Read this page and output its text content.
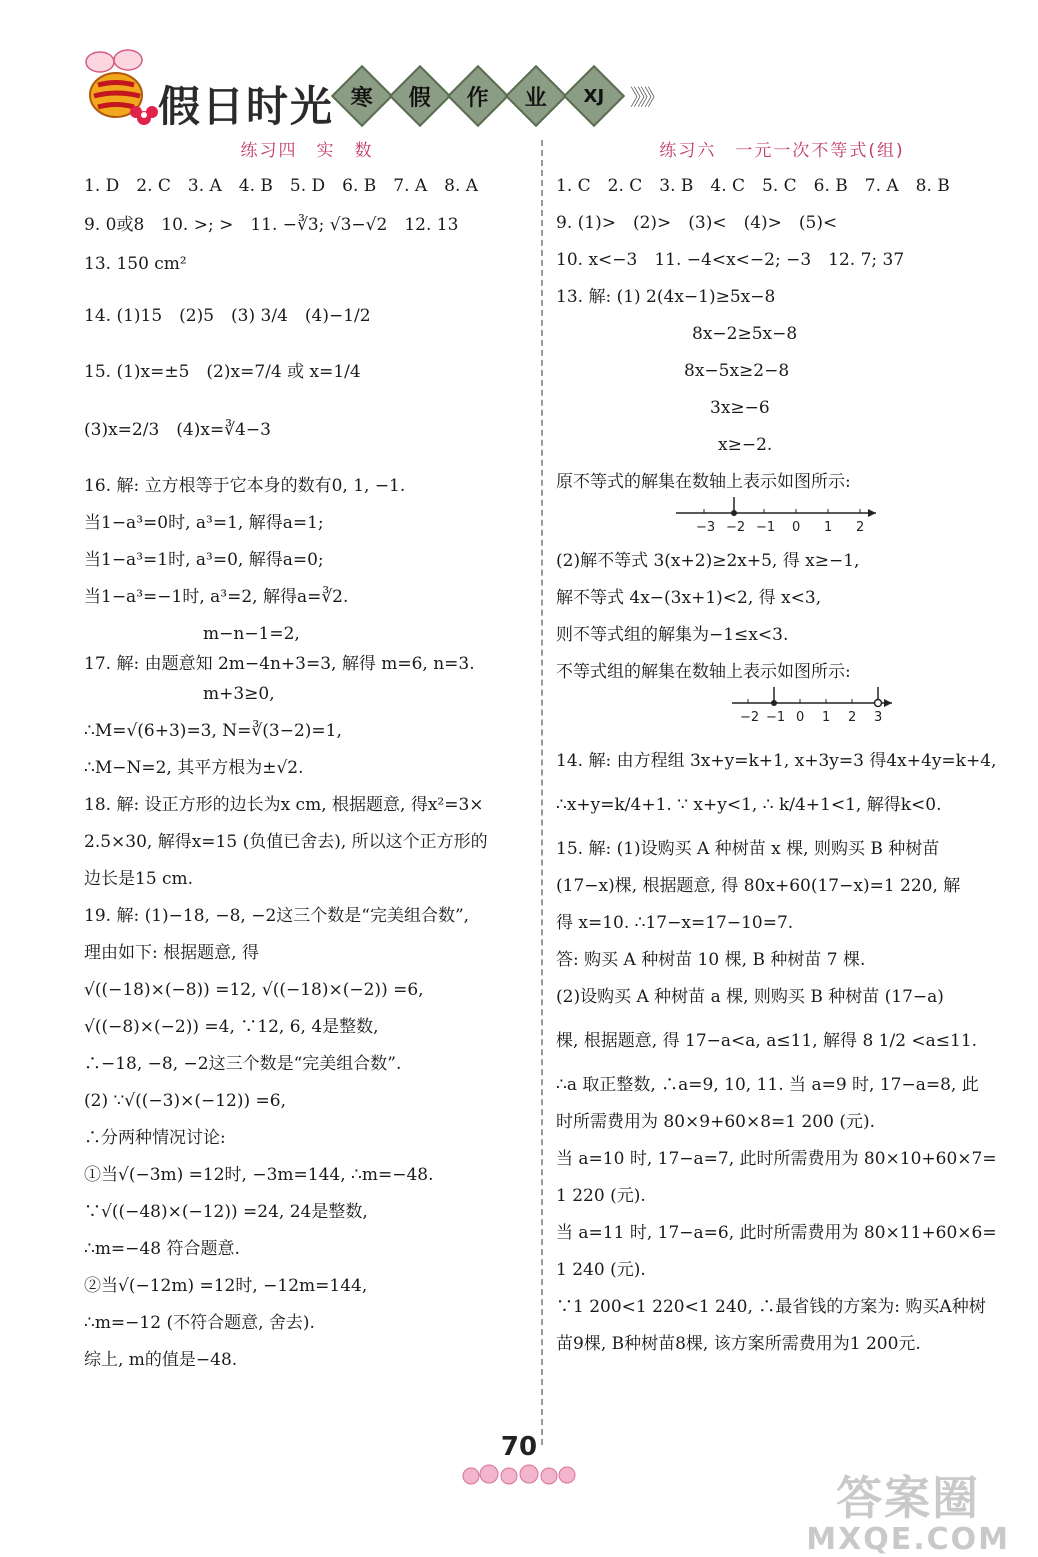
假日时光 寒 假 作 业 XJ 》》》
练习四　实　数
1. D　2. C　3. A　4. B　5. D　6. B　7. A　8. A
9. 0或8　10. >; >　11. −∛3; √3−√2　12. 13
13. 150 cm²
14. (1)15　(2)5　(3) 3/4　(4)−1/2
15. (1)x=±5　(2)x=7/4 或 x=1/4
(3)x=2/3　(4)x=∛4−3
16. 解: 立方根等于它本身的数有0, 1, −1.
当1−a³=0时, a³=1, 解得a=1;
当1−a³=1时, a³=0, 解得a=0;
当1−a³=−1时, a³=2, 解得a=∛2.
　　　　　　　m−n−1=2,
17. 解: 由题意知 2m−4n+3=3, 解得 m=6, n=3.
　　　　　　　m+3≥0,
∴M=√(6+3)=3, N=∛(3−2)=1,
∴M−N=2, 其平方根为±√2.
18. 解: 设正方形的边长为x cm, 根据题意, 得x²=3×
2.5×30, 解得x=15 (负值已舍去), 所以这个正方形的
边长是15 cm.
19. 解: (1)−18, −8, −2这三个数是“完美组合数”,
理由如下: 根据题意, 得
√((−18)×(−8)) =12, √((−18)×(−2)) =6,
√((−8)×(−2)) =4, ∵12, 6, 4是整数,
∴−18, −8, −2这三个数是“完美组合数”.
(2) ∵√((−3)×(−12)) =6,
∴分两种情况讨论:
①当√(−3m) =12时, −3m=144, ∴m=−48.
∵√((−48)×(−12)) =24, 24是整数,
∴m=−48 符合题意.
②当√(−12m) =12时, −12m=144,
∴m=−12 (不符合题意, 舍去).
综上, m的值是−48.
练习六　一元一次不等式(组)
1. C　2. C　3. B　4. C　5. C　6. B　7. A　8. B
9. (1)>　(2)>　(3)<　(4)>　(5)<
10. x<−3　11. −4<x<−2; −3　12. 7; 37
13. 解: (1) 2(4x−1)≥5x−8
8x−2≥5x−8
8x−5x≥2−8
3x≥−6
x≥−2.
原不等式的解集在数轴上表示如图所示:
−3 −2 −1 0 1 2
(2)解不等式 3(x+2)≥2x+5, 得 x≥−1,
解不等式 4x−(3x+1)<2, 得 x<3,
则不等式组的解集为−1≤x<3.
不等式组的解集在数轴上表示如图所示:
−2 −1 0 1 2 3
14. 解: 由方程组 3x+y=k+1, x+3y=3 得4x+4y=k+4,
∴x+y=k/4+1. ∵ x+y<1, ∴ k/4+1<1, 解得k<0.
15. 解: (1)设购买 A 种树苗 x 棵, 则购买 B 种树苗
(17−x)棵, 根据题意, 得 80x+60(17−x)=1 220, 解
得 x=10. ∴17−x=17−10=7.
答: 购买 A 种树苗 10 棵, B 种树苗 7 棵.
(2)设购买 A 种树苗 a 棵, 则购买 B 种树苗 (17−a)
棵, 根据题意, 得 17−a<a, a≤11, 解得 8 1/2 <a≤11.
∴a 取正整数, ∴a=9, 10, 11. 当 a=9 时, 17−a=8, 此
时所需费用为 80×9+60×8=1 200 (元).
当 a=10 时, 17−a=7, 此时所需费用为 80×10+60×7=
1 220 (元).
当 a=11 时, 17−a=6, 此时所需费用为 80×11+60×6=
1 240 (元).
∵1 200<1 220<1 240, ∴最省钱的方案为: 购买A种树
苗9棵, B种树苗8棵, 该方案所需费用为1 200元.
70
答案圈
MXQE.COM
